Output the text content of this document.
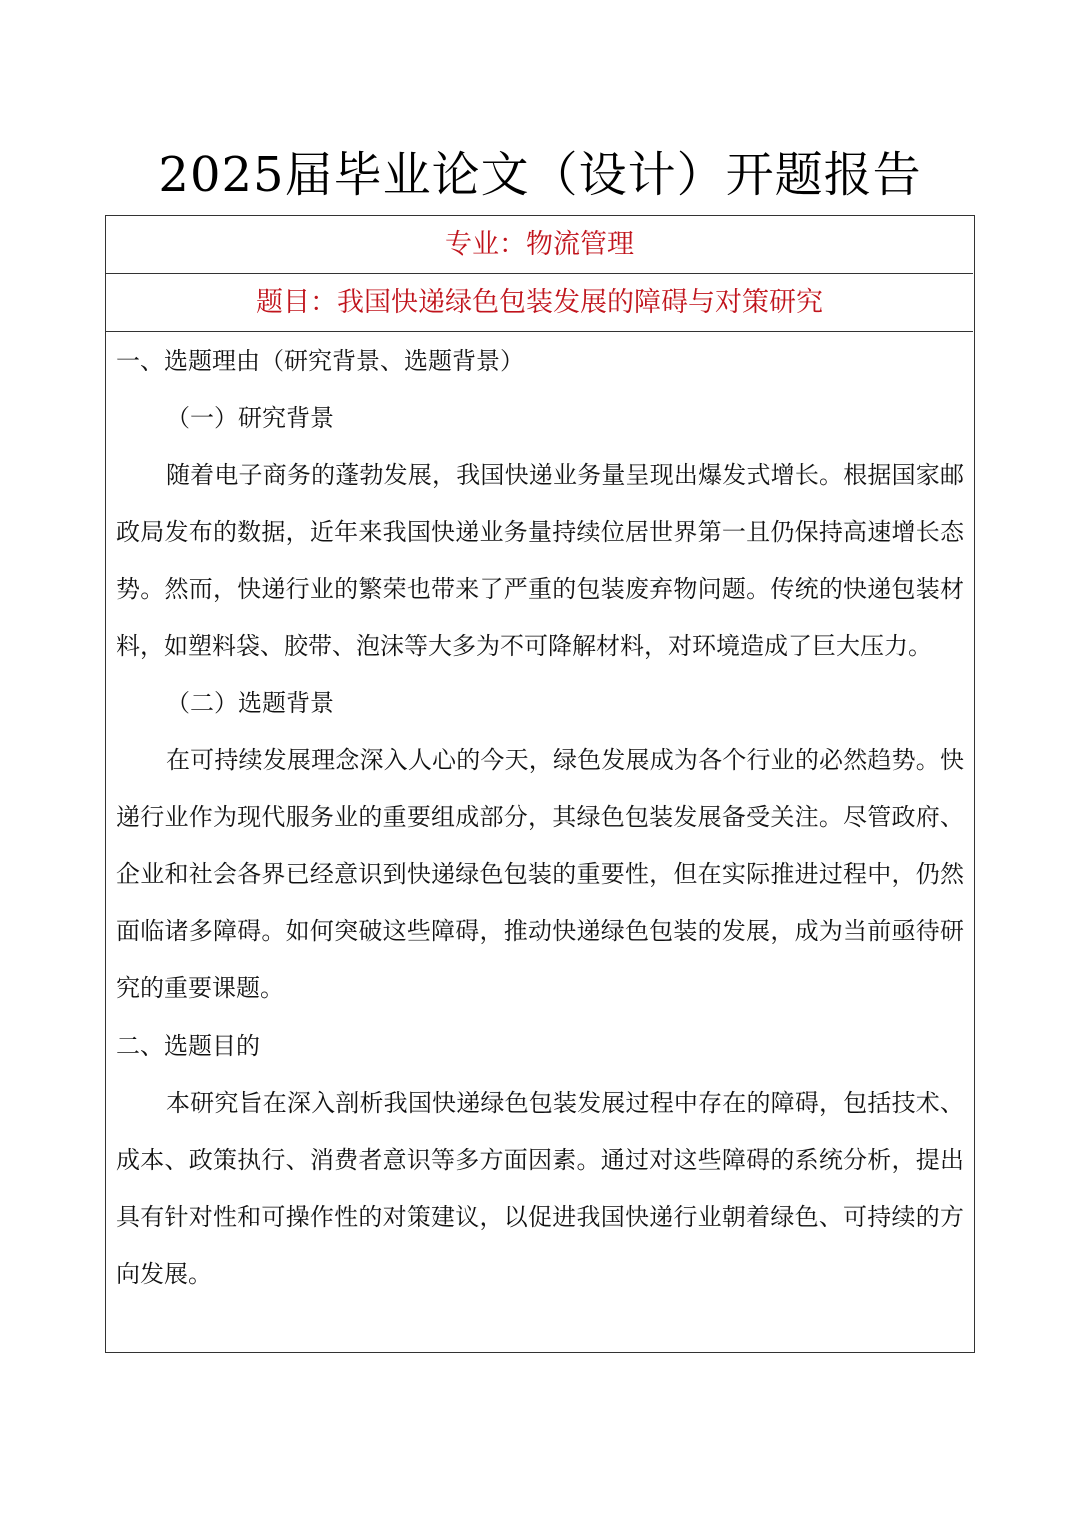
2025届毕业论文（设计）开题报告
专业：物流管理
题目：我国快递绿色包装发展的障碍与对策研究

一、选题理由（研究背景、选题背景）

（一）研究背景

随着电子商务的蓬勃发展，我国快递业务量呈现出爆发式增长。根据国家邮政局发布的数据，近年来我国快递业务量持续位居世界第一且仍保持高速增长态势。然而，快递行业的繁荣也带来了严重的包装废弃物问题。传统的快递包装材料，如塑料袋、胶带、泡沫等大多为不可降解材料，对环境造成了巨大压力。

（二）选题背景

在可持续发展理念深入人心的今天，绿色发展成为各个行业的必然趋势。快递行业作为现代服务业的重要组成部分，其绿色包装发展备受关注。尽管政府、企业和社会各界已经意识到快递绿色包装的重要性，但在实际推进过程中，仍然面临诸多障碍。如何突破这些障碍，推动快递绿色包装的发展，成为当前亟待研究的重要课题。

二、选题目的

本研究旨在深入剖析我国快递绿色包装发展过程中存在的障碍，包括技术、成本、政策执行、消费者意识等多方面因素。通过对这些障碍的系统分析，提出具有针对性和可操作性的对策建议，以促进我国快递行业朝着绿色、可持续的方向发展。
